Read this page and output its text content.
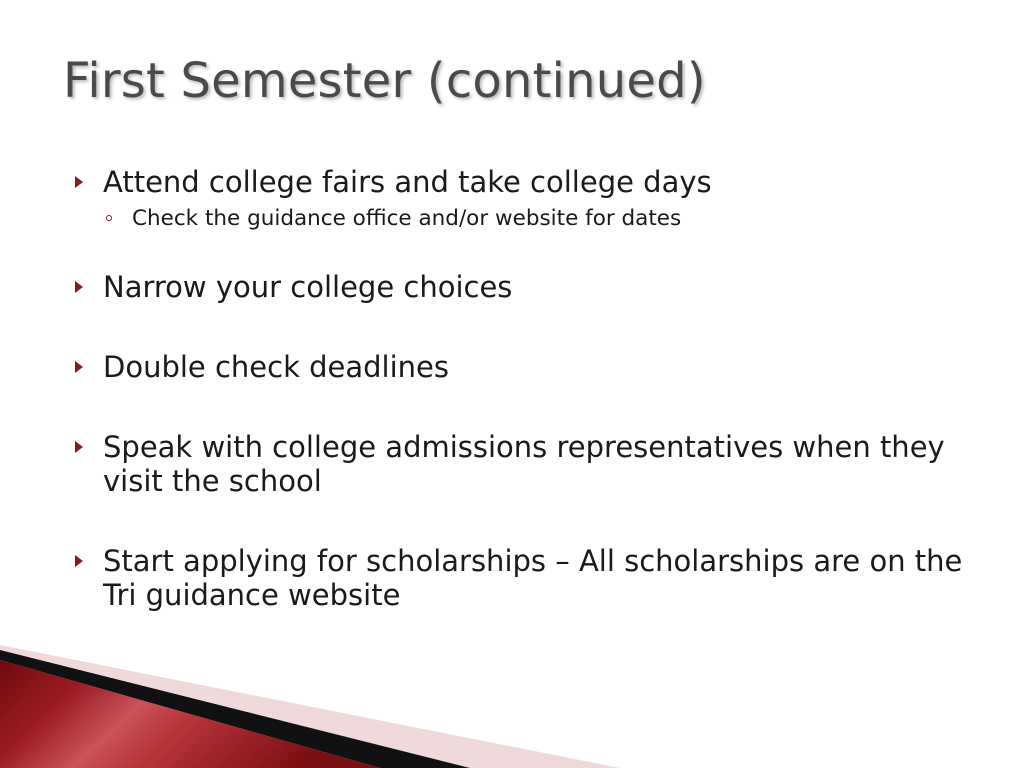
First Semester (continued)
Attend college fairs and take college days
Check the guidance office and/or website for dates
Narrow your college choices
Double check deadlines
Speak with college admissions representatives when they visit the school
Start applying for scholarships – All scholarships are on the Tri guidance website
